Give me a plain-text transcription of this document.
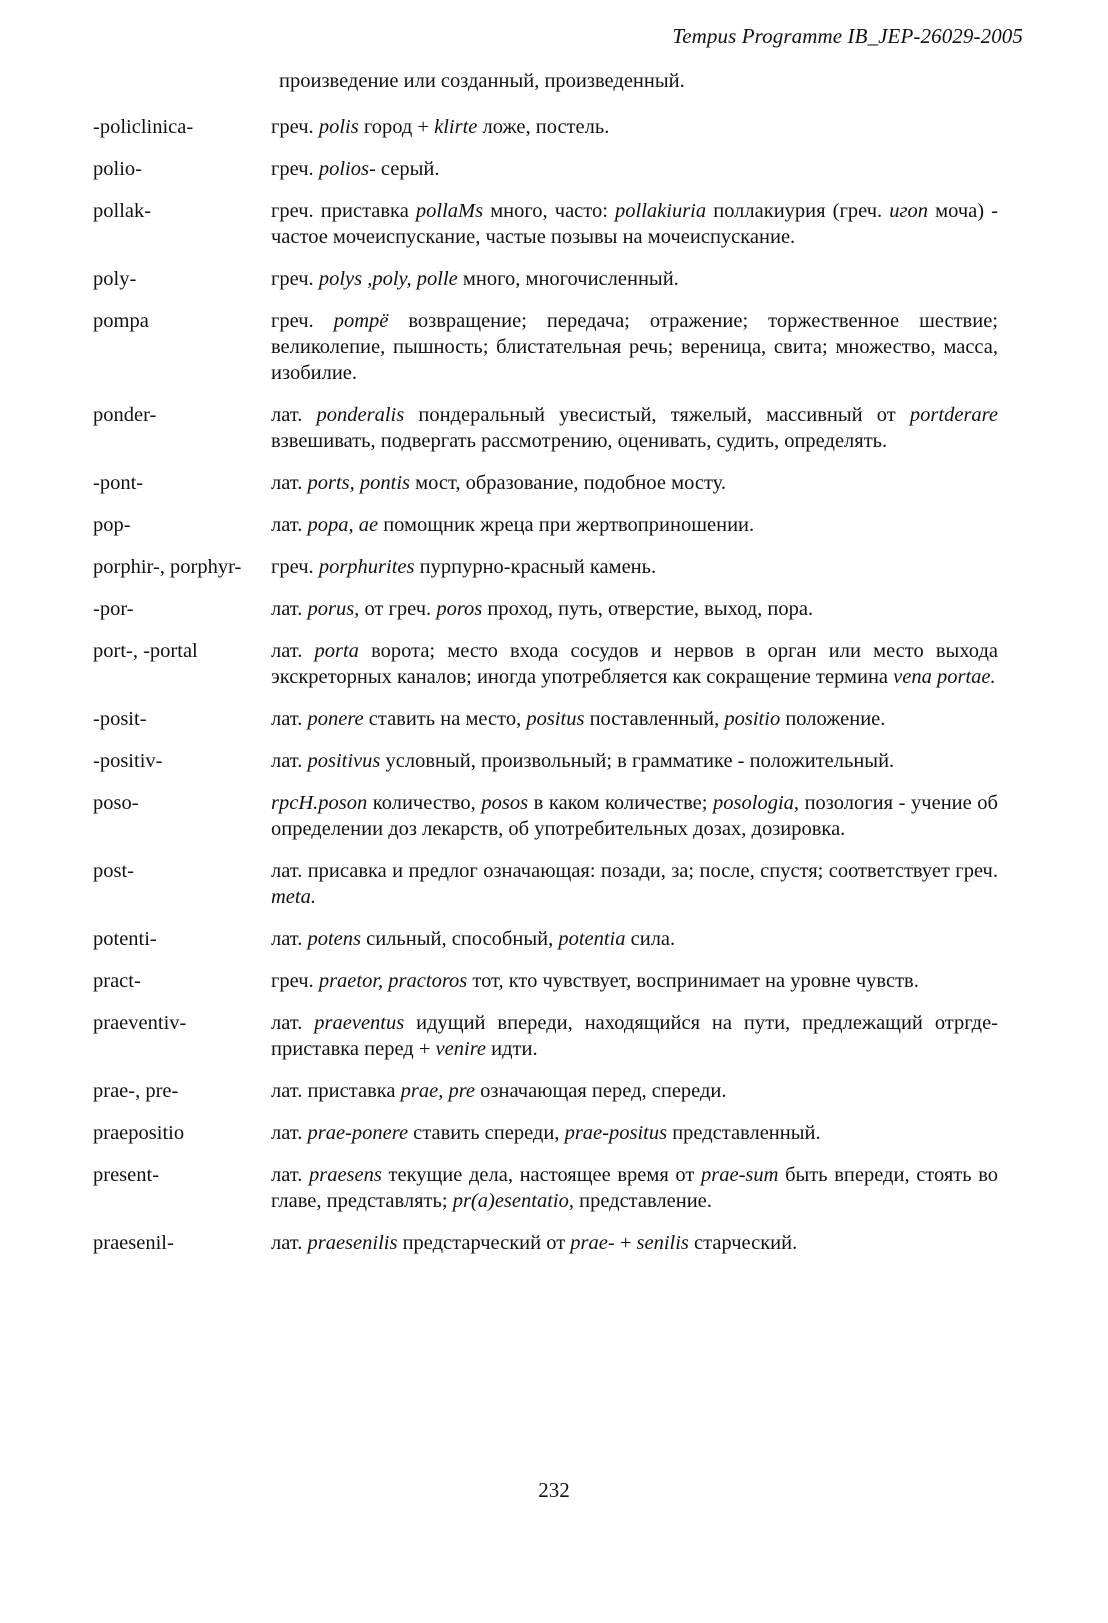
Tempus Programme IB_JEP-26029-2005
произведение или созданный, произведенный.
-policlinica-	греч. polis город + klirte ложе, постель.
polio-	греч. polios- серый.
pollak-	греч. приставка pollaMs много, часто: pollakiuria поллакиурия (греч. игоп моча) - частое мочеиспускание, частые позывы на мочеиспускание.
poly-	греч. polys ,poly, polle много, многочисленный.
pompa	греч. pompё возвращение; передача; отражение; торжественное шествие; великолепие, пышность; блистательная речь; вереница, свита; множество, масса, изобилие.
ponder-	лат. ponderalis пондеральный увесистый, тяжелый, массивный от portderare взвешивать, подвергать рассмотрению, оценивать, судить, определять.
-pont-	лат. ports, pontis мост, образование, подобное мосту.
pop-	лат. popa, ae помощник жреца при жертвоприношении.
porphir-, porphyr-	греч. porphurites пурпурно-красный камень.
-por-	лат. porus, от греч. poros проход, путь, отверстие, выход, пора.
port-, -portal	лат. porta ворота; место входа сосудов и нервов в орган или место выхода экскреторных каналов; иногда употребляется как сокращение термина vena portae.
-posit-	лат. ponere ставить на место, positus поставленный, positio положение.
-positiv-	лат. positivus условный, произвольный; в грамматике - положительный.
poso-	rpcH.poson количество, posos в каком количестве; posologia, позология - учение об определении доз лекарств, об употребительных дозах, дозировка.
post-	лат. присавка и предлог означающая: позади, за; после, спустя; соответствует греч. meta.
potenti-	лат. potens сильный, способный, potentia сила.
pract-	греч. praetor, practoros тот, кто чувствует, воспринимает на уровне чувств.
praeventiv-	лат. praeventus идущий впереди, находящийся на пути, предлежащий отргде-приставка перед + venire идти.
prae-, pre-	лат. приставка prae, pre означающая перед, спереди.
praepositio	лат. prae-ponere ставить спереди, prae-positus представленный.
present-	лат. praesens текущие дела, настоящее время от prae-sum быть впереди, стоять во главе, представлять; pr(a)esentatio, представление.
praesenil-	лат. praesenilis предстарческий от prae- + senilis старческий.
232
